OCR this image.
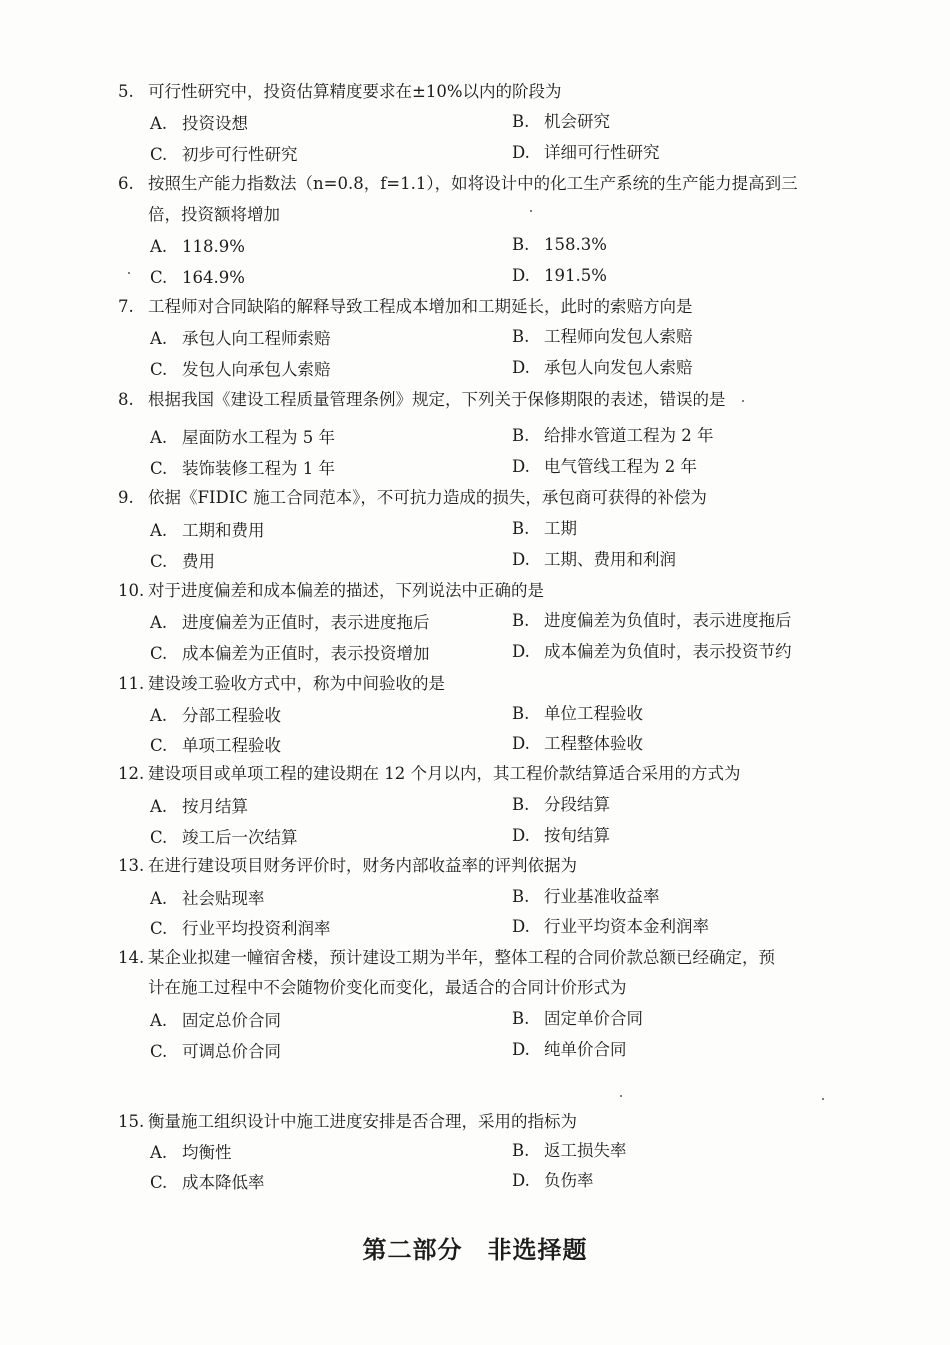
5. 可行性研究中，投资估算精度要求在±10%以内的阶段为
A. 投资设想	B. 机会研究
C. 初步可行性研究	D. 详细可行性研究
6. 按照生产能力指数法（n=0.8，f=1.1），如将设计中的化工生产系统的生产能力提高到三
倍，投资额将增加
A. 118.9%	B. 158.3%
C. 164.9%	D. 191.5%
7. 工程师对合同缺陷的解释导致工程成本增加和工期延长，此时的索赔方向是
A. 承包人向工程师索赔	B. 工程师向发包人索赔
C. 发包人向承包人索赔	D. 承包人向发包人索赔
8. 根据我国《建设工程质量管理条例》规定，下列关于保修期限的表述，错误的是
A. 屋面防水工程为 5 年	B. 给排水管道工程为 2 年
C. 装饰装修工程为 1 年	D. 电气管线工程为 2 年
9. 依据《FIDIC 施工合同范本》，不可抗力造成的损失，承包商可获得的补偿为
A. 工期和费用	B. 工期
C. 费用	D. 工期、费用和利润
10. 对于进度偏差和成本偏差的描述，下列说法中正确的是
A. 进度偏差为正值时，表示进度拖后	B. 进度偏差为负值时，表示进度拖后
C. 成本偏差为正值时，表示投资增加	D. 成本偏差为负值时，表示投资节约
11. 建设竣工验收方式中，称为中间验收的是
A. 分部工程验收	B. 单位工程验收
C. 单项工程验收	D. 工程整体验收
12. 建设项目或单项工程的建设期在 12 个月以内，其工程价款结算适合采用的方式为
A. 按月结算	B. 分段结算
C. 竣工后一次结算	D. 按旬结算
13. 在进行建设项目财务评价时，财务内部收益率的评判依据为
A. 社会贴现率	B. 行业基准收益率
C. 行业平均投资利润率	D. 行业平均资本金利润率
14. 某企业拟建一幢宿舍楼，预计建设工期为半年，整体工程的合同价款总额已经确定，预
计在施工过程中不会随物价变化而变化，最适合的合同计价形式为
A. 固定总价合同	B. 固定单价合同
C. 可调总价合同	D. 纯单价合同
15. 衡量施工组织设计中施工进度安排是否合理，采用的指标为
A. 均衡性	B. 返工损失率
C. 成本降低率	D. 负伤率
第二部分　非选择题
